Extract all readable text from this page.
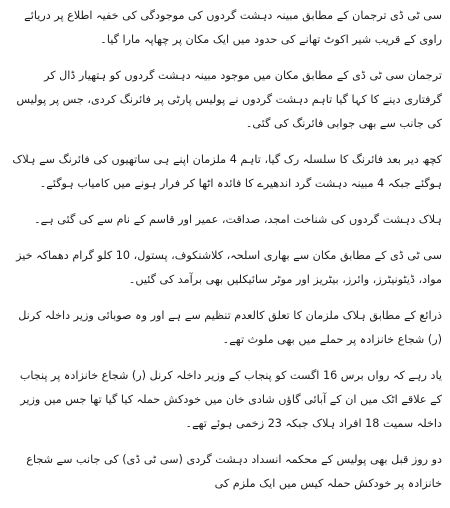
سی ٹی ڈی ترجمان کے مطابق مبینہ دہشت گردوں کی موجودگی کی خفیہ اطلاع پر دریائے راوی کے قریب شیر اکوٹ تھانے کی حدود میں ایک مکان پر چھاپہ مارا گیا۔

ترجمان سی ٹی ڈی کے مطابق مکان میں موجود مبینہ دہشت گردوں کو ہتھیار ڈال کر گرفتاری دینے کا کہا گیا تاہم دہشت گردوں نے پولیس پارٹی پر فائرنگ کردی، جس پر پولیس کی جانب سے بھی جوابی فائرنگ کی گئی۔

کچھ دیر بعد فائرنگ کا سلسلہ رک گیا، تاہم 4 ملزمان اپنے ہی ساتھیوں کی فائرنگ سے ہلاک ہوگئے جبکہ 4 مبینہ دہشت گرد اندھیرے کا فائدہ اٹھا کر فرار ہونے میں کامیاب ہوگئے۔

ہلاک دہشت گردوں کی شناخت امجد، صداقت، عمیر اور قاسم کے نام سے کی گئی ہے۔

سی ٹی ڈی کے مطابق مکان سے بھاری اسلحہ، کلاشنکوف، پستول، 10 کلو گرام دھماکہ خیز مواد، ڈیٹونیٹرز، وائرز، بیٹریز اور موٹر سائیکلیں بھی برآمد کی گئیں۔

ذرائع کے مطابق ہلاک ملزمان کا تعلق کالعدم تنظیم سے ہے اور وہ صوبائی وزیر داخلہ کرنل (ر) شجاع خانزادہ پر حملے میں بھی ملوث تھے۔

یاد رہے کہ رواں برس 16 اگست کو پنجاب کے وزیر داخلہ کرنل (ر) شجاع خانزادہ پر پنجاب کے علاقے اٹک میں ان کے آبائی گاؤں شادی خان میں خودکش حملہ کیا گیا تھا جس میں وزیر داخلہ سمیت 18 افراد ہلاک جبکہ 23 زخمی ہوئے تھے۔

دو روز قبل بھی پولیس کے محکمہ انسداد دہشت گردی (سی ٹی ڈی) کی جانب سے شجاع خانزادہ پر خودکش حملہ کیس میں ایک ملزم کی
